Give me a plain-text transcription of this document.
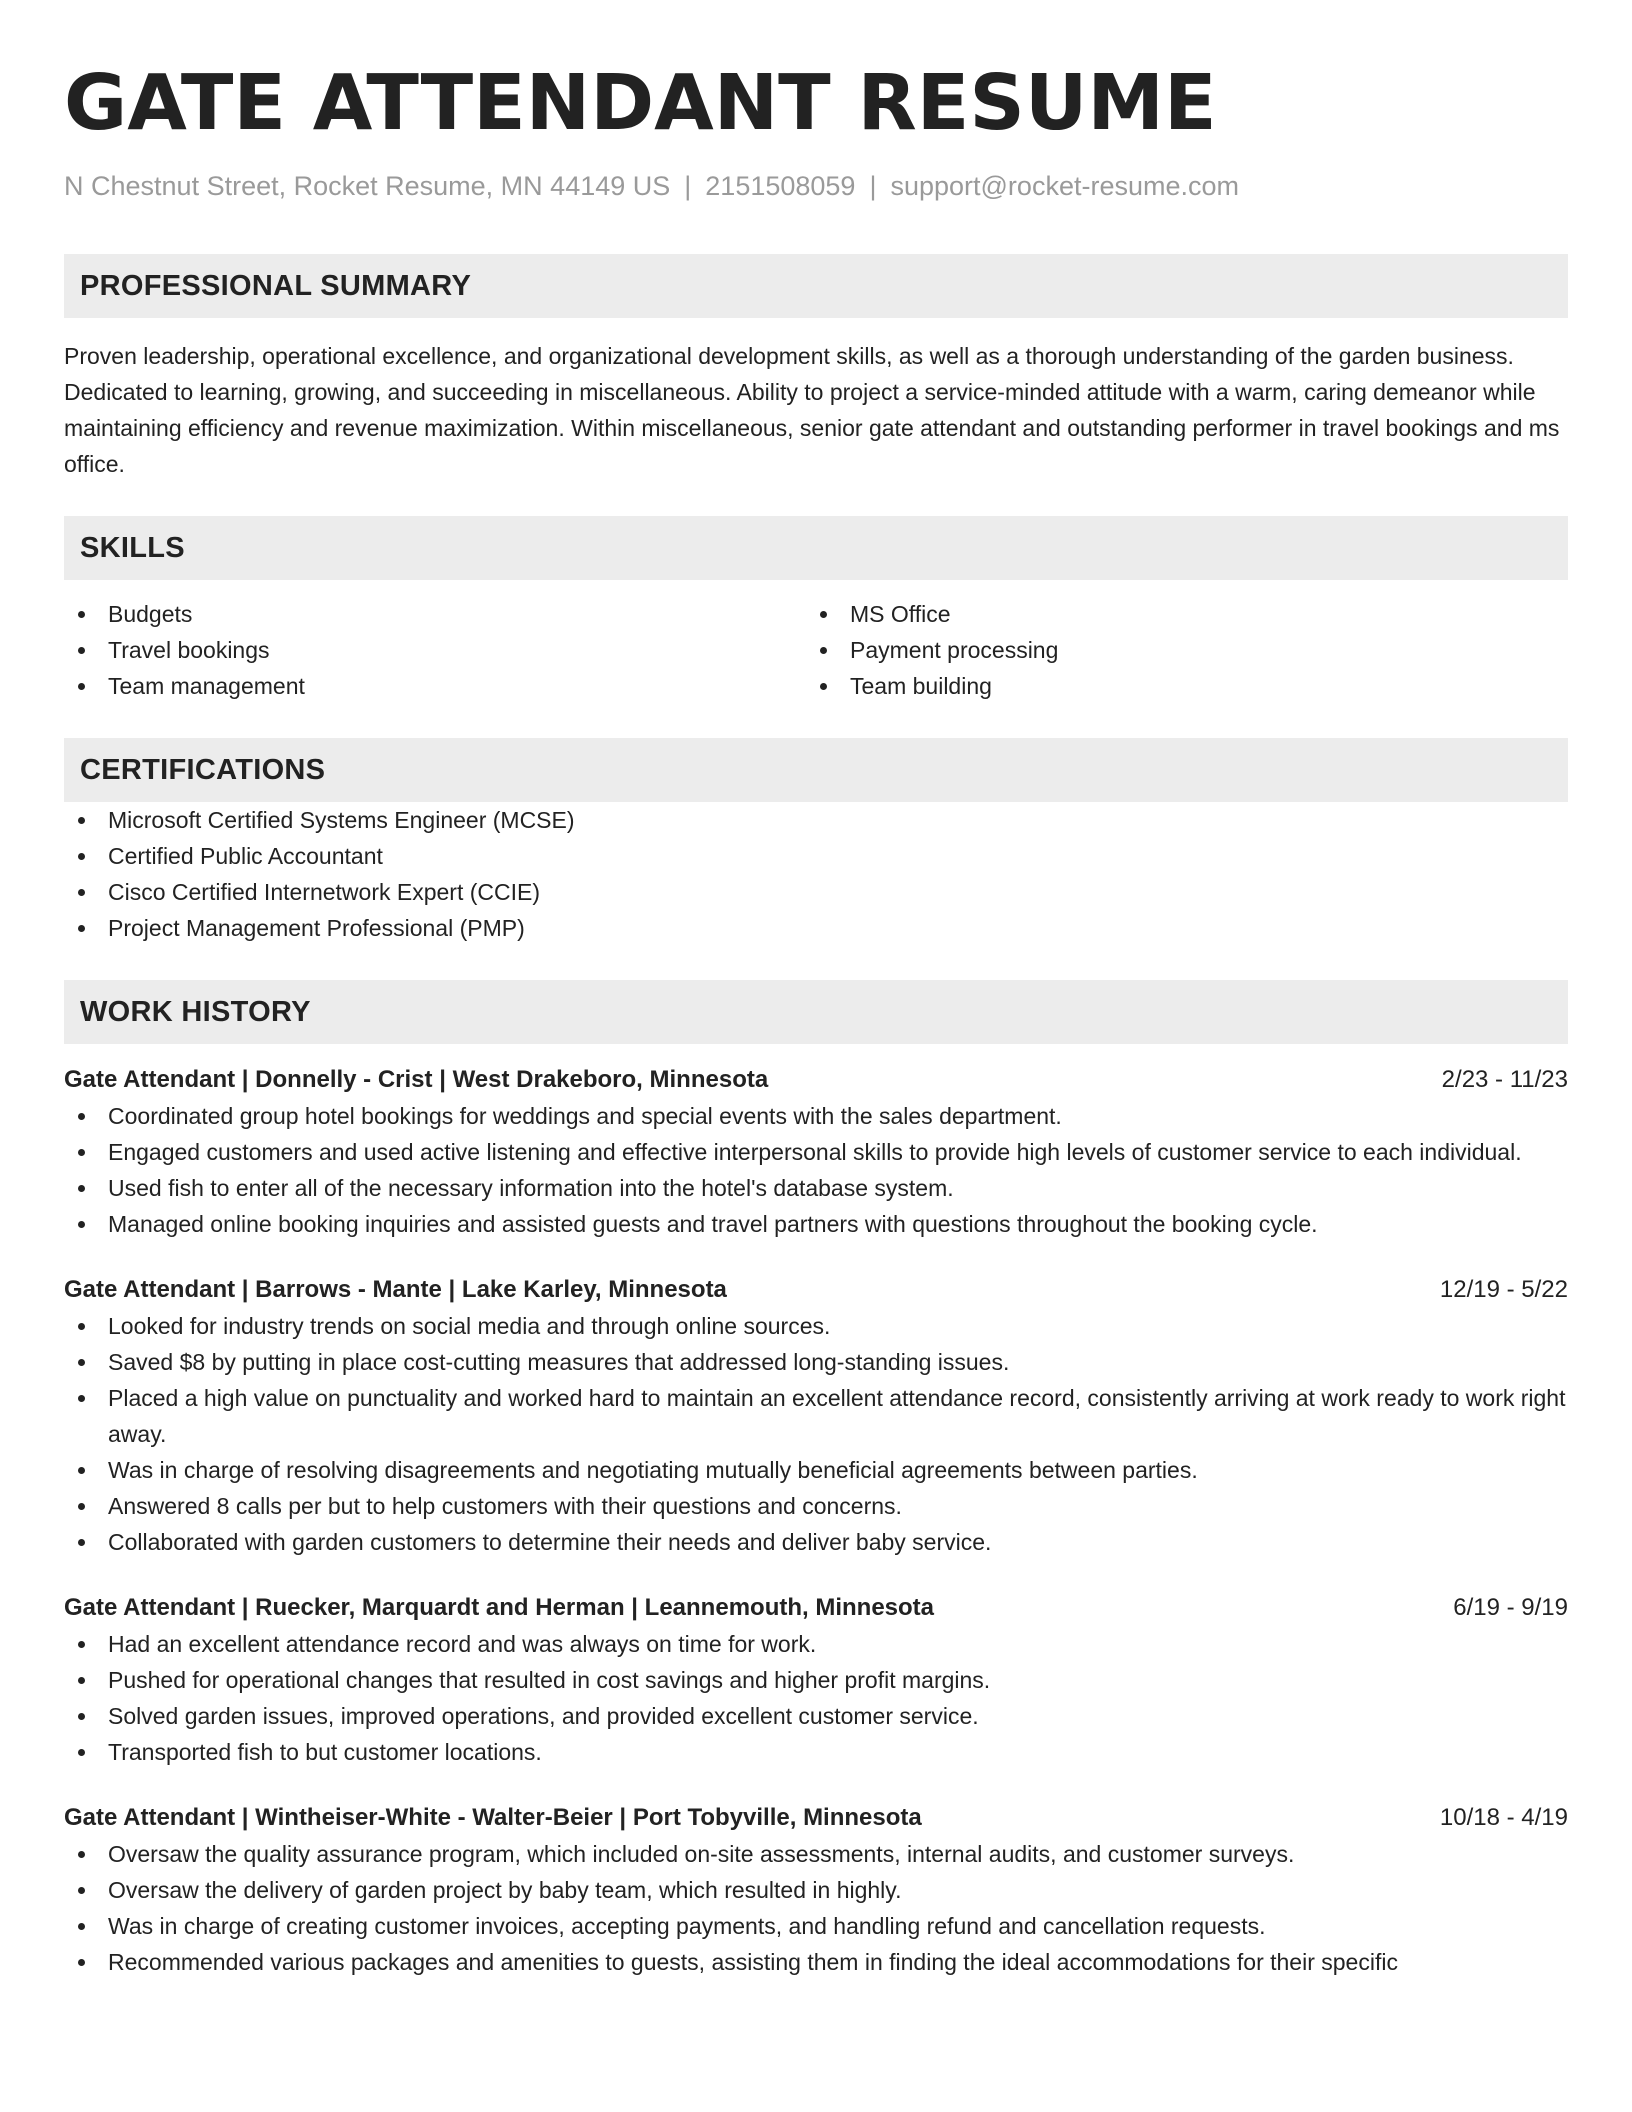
GATE ATTENDANT RESUME
N Chestnut Street, Rocket Resume, MN 44149 US | 2151508059 | support@rocket-resume.com
PROFESSIONAL SUMMARY
Proven leadership, operational excellence, and organizational development skills, as well as a thorough understanding of the garden business. Dedicated to learning, growing, and succeeding in miscellaneous. Ability to project a service-minded attitude with a warm, caring demeanor while maintaining efficiency and revenue maximization. Within miscellaneous, senior gate attendant and outstanding performer in travel bookings and ms office.
SKILLS
Budgets
Travel bookings
Team management
MS Office
Payment processing
Team building
CERTIFICATIONS
Microsoft Certified Systems Engineer (MCSE)
Certified Public Accountant
Cisco Certified Internetwork Expert (CCIE)
Project Management Professional (PMP)
WORK HISTORY
Gate Attendant | Donnelly - Crist | West Drakeboro, Minnesota	2/23 - 11/23
Coordinated group hotel bookings for weddings and special events with the sales department.
Engaged customers and used active listening and effective interpersonal skills to provide high levels of customer service to each individual.
Used fish to enter all of the necessary information into the hotel's database system.
Managed online booking inquiries and assisted guests and travel partners with questions throughout the booking cycle.
Gate Attendant | Barrows - Mante | Lake Karley, Minnesota	12/19 - 5/22
Looked for industry trends on social media and through online sources.
Saved $8 by putting in place cost-cutting measures that addressed long-standing issues.
Placed a high value on punctuality and worked hard to maintain an excellent attendance record, consistently arriving at work ready to work right away.
Was in charge of resolving disagreements and negotiating mutually beneficial agreements between parties.
Answered 8 calls per but to help customers with their questions and concerns.
Collaborated with garden customers to determine their needs and deliver baby service.
Gate Attendant | Ruecker, Marquardt and Herman | Leannemouth, Minnesota	6/19 - 9/19
Had an excellent attendance record and was always on time for work.
Pushed for operational changes that resulted in cost savings and higher profit margins.
Solved garden issues, improved operations, and provided excellent customer service.
Transported fish to but customer locations.
Gate Attendant | Wintheiser-White - Walter-Beier | Port Tobyville, Minnesota	10/18 - 4/19
Oversaw the quality assurance program, which included on-site assessments, internal audits, and customer surveys.
Oversaw the delivery of garden project by baby team, which resulted in highly.
Was in charge of creating customer invoices, accepting payments, and handling refund and cancellation requests.
Recommended various packages and amenities to guests, assisting them in finding the ideal accommodations for their specific
